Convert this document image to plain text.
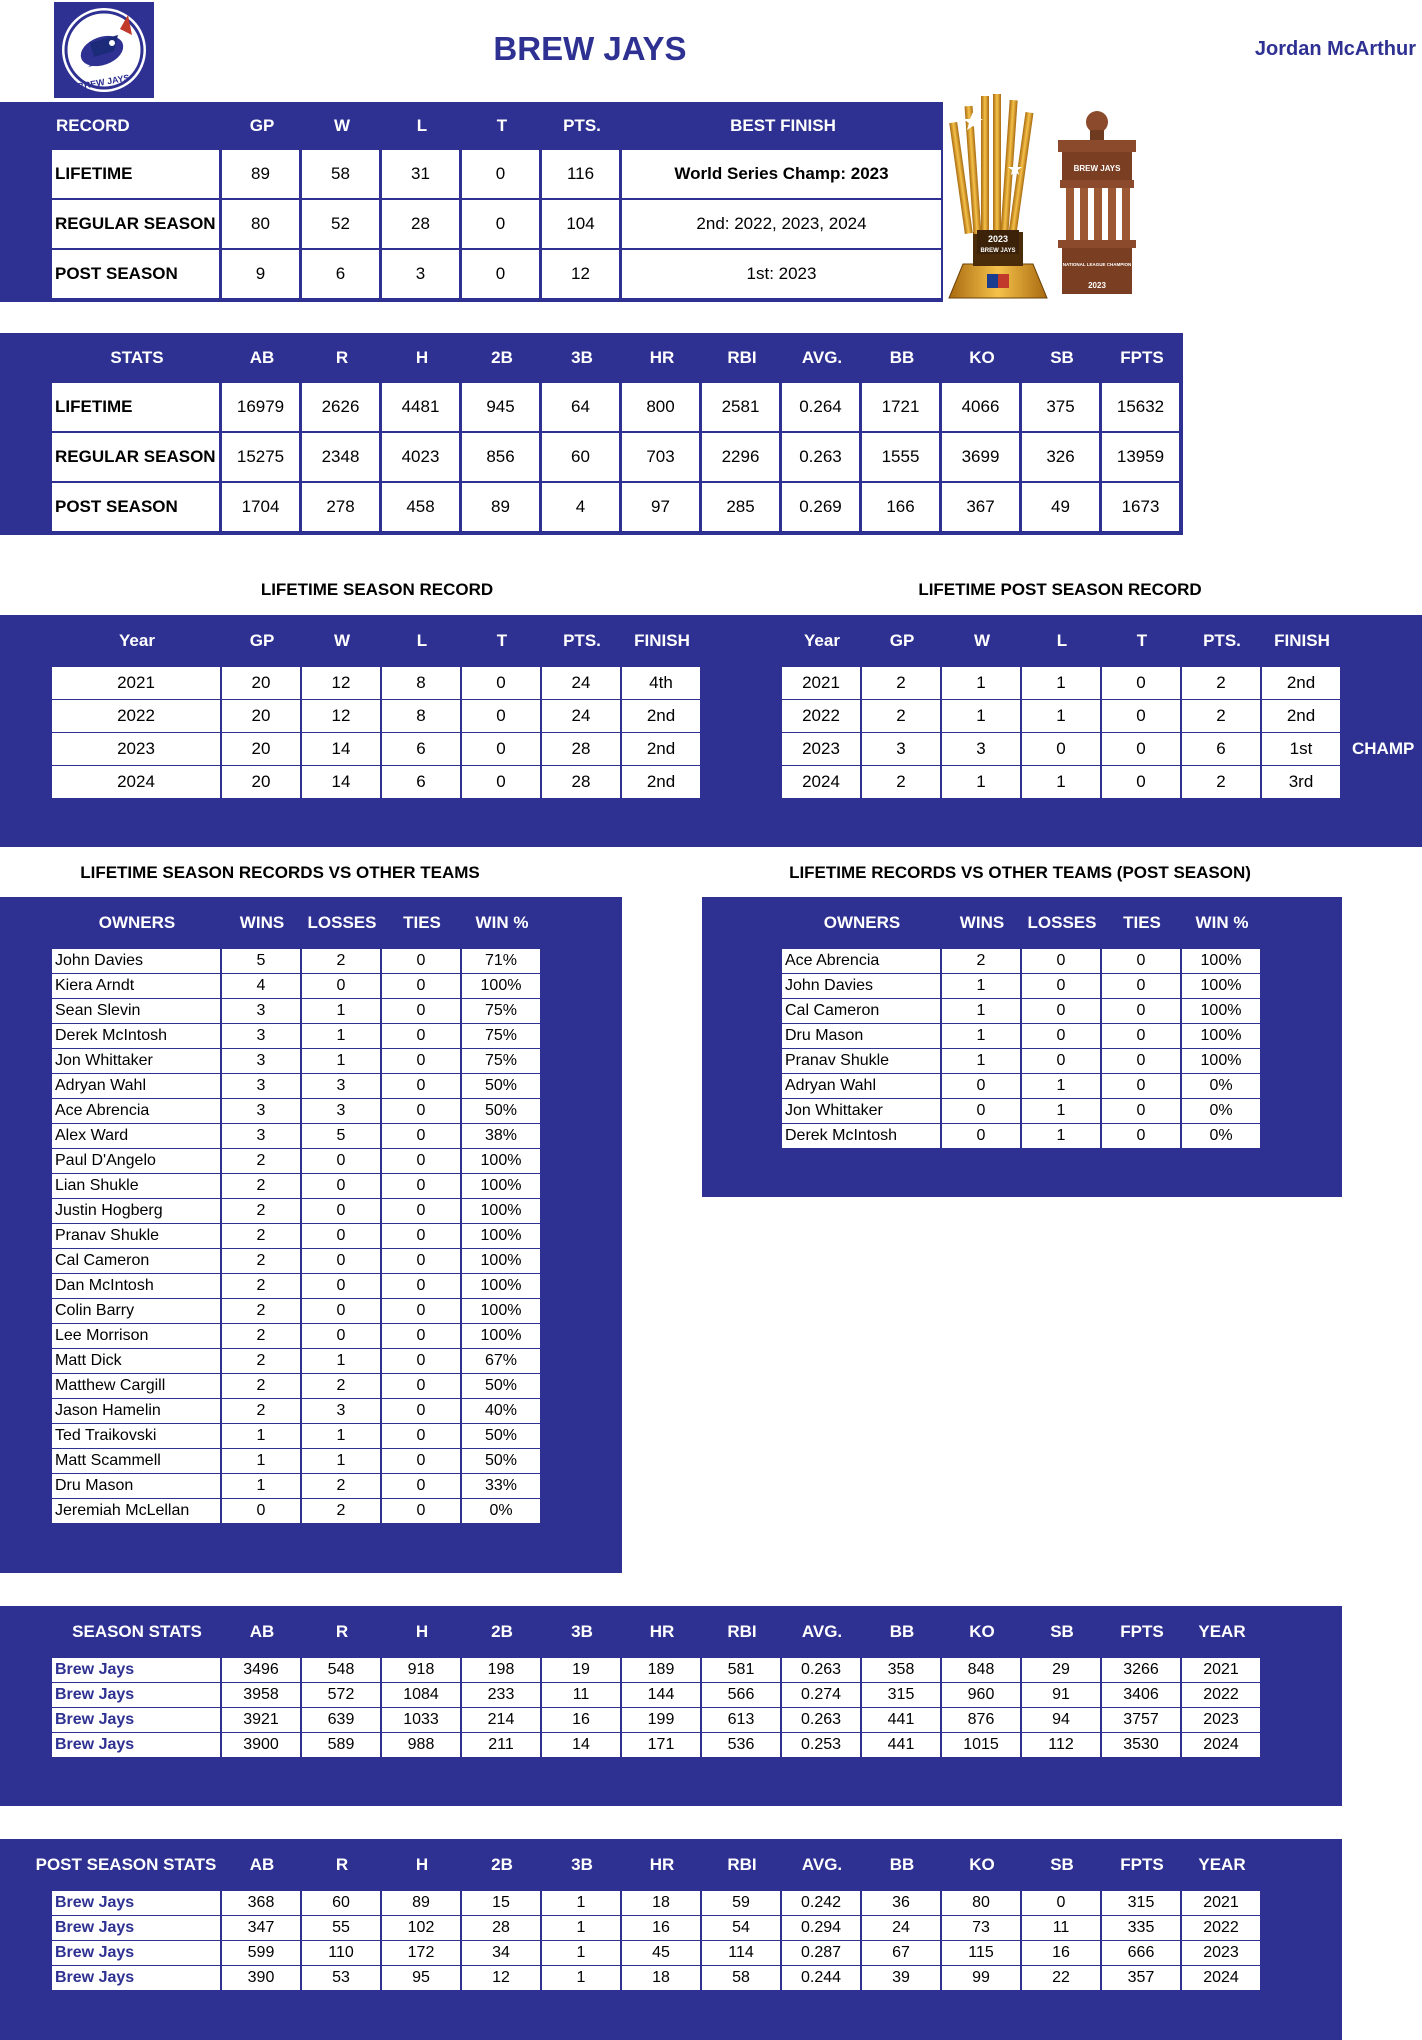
BREW JAYS
BREW JAYS	Jordan McArthur
2023
BREW JAYS
BREW JAYS
NATIONAL LEAGUE CHAMPION
2023
LIFETIME SEASON RECORD	LIFETIME POST SEASON RECORD
LIFETIME SEASON RECORDS VS OTHER TEAMS	LIFETIME RECORDS VS OTHER TEAMS (POST SEASON)
RECORD	GP	W	L	T	PTS.	BEST FINISH
LIFETIME	89	58	31	0	116	World Series Champ: 2023
REGULAR SEASON	80	52	28	0	104	2nd: 2022, 2023, 2024
POST SEASON	9	6	3	0	12	1st: 2023
STATS	AB	R	H	2B	3B	HR	RBI	AVG.	BB	KO	SB	FPTS
LIFETIME	16979	2626	4481	945	64	800	2581	0.264	1721	4066	375	15632
REGULAR SEASON	15275	2348	4023	856	60	703	2296	0.263	1555	3699	326	13959
POST SEASON	1704	278	458	89	4	97	285	0.269	166	367	49	1673
Year	GP	W	L	T	PTS.	FINISH
2021	20	12	8	0	24	4th
2022	20	12	8	0	24	2nd
2023	20	14	6	0	28	2nd
2024	20	14	6	0	28	2nd
Year	GP	W	L	T	PTS.	FINISH
2021	2	1	1	0	2	2nd
2022	2	1	1	0	2	2nd
2023	3	3	0	0	6	1st
2024	2	1	1	0	2	3rd
CHAMP
OWNERS	WINS	LOSSES	TIES	WIN %
John Davies	5	2	0	71%
Kiera Arndt	4	0	0	100%
Sean Slevin	3	1	0	75%
Derek McIntosh	3	1	0	75%
Jon Whittaker	3	1	0	75%
Adryan Wahl	3	3	0	50%
Ace Abrencia	3	3	0	50%
Alex Ward	3	5	0	38%
Paul D'Angelo	2	0	0	100%
Lian Shukle	2	0	0	100%
Justin Hogberg	2	0	0	100%
Pranav Shukle	2	0	0	100%
Cal Cameron	2	0	0	100%
Dan McIntosh	2	0	0	100%
Colin Barry	2	0	0	100%
Lee Morrison	2	0	0	100%
Matt Dick	2	1	0	67%
Matthew Cargill	2	2	0	50%
Jason Hamelin	2	3	0	40%
Ted Traikovski	1	1	0	50%
Matt Scammell	1	1	0	50%
Dru Mason	1	2	0	33%
Jeremiah McLellan	0	2	0	0%
OWNERS	WINS	LOSSES	TIES	WIN %
Ace Abrencia	2	0	0	100%
John Davies	1	0	0	100%
Cal Cameron	1	0	0	100%
Dru Mason	1	0	0	100%
Pranav Shukle	1	0	0	100%
Adryan Wahl	0	1	0	0%
Jon Whittaker	0	1	0	0%
Derek McIntosh	0	1	0	0%
SEASON STATS	AB	R	H	2B	3B	HR	RBI	AVG.	BB	KO	SB	FPTS	YEAR
Brew Jays	3496	548	918	198	19	189	581	0.263	358	848	29	3266	2021
Brew Jays	3958	572	1084	233	11	144	566	0.274	315	960	91	3406	2022
Brew Jays	3921	639	1033	214	16	199	613	0.263	441	876	94	3757	2023
Brew Jays	3900	589	988	211	14	171	536	0.253	441	1015	112	3530	2024
POST SEASON STATS	AB	R	H	2B	3B	HR	RBI	AVG.	BB	KO	SB	FPTS	YEAR
Brew Jays	368	60	89	15	1	18	59	0.242	36	80	0	315	2021
Brew Jays	347	55	102	28	1	16	54	0.294	24	73	11	335	2022
Brew Jays	599	110	172	34	1	45	114	0.287	67	115	16	666	2023
Brew Jays	390	53	95	12	1	18	58	0.244	39	99	22	357	2024
